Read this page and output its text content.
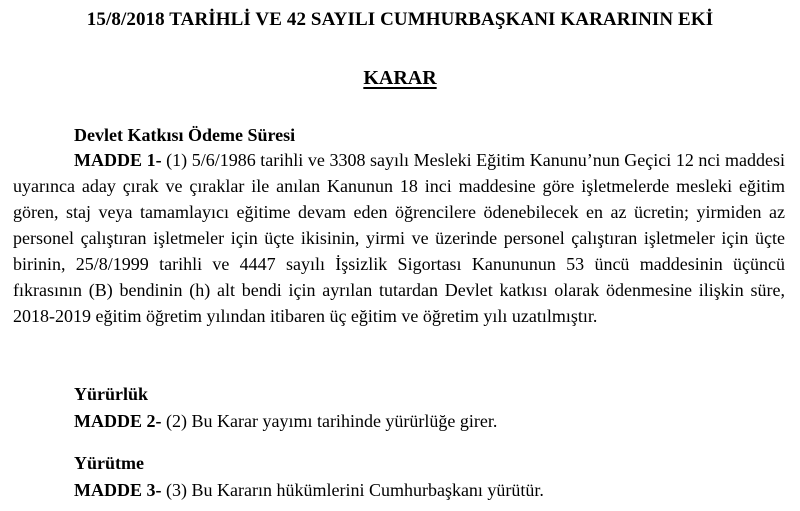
15/8/2018 TARİHLİ VE 42 SAYILI CUMHURBAŞKANI KARARININ EKİ
KARAR
Devlet Katkısı Ödeme Süresi
MADDE 1- (1) 5/6/1986 tarihli ve 3308 sayılı Mesleki Eğitim Kanunu’nun Geçici 12 nci maddesi uyarınca aday çırak ve çıraklar ile anılan Kanunun 18 inci maddesine göre işletmelerde mesleki eğitim gören, staj veya tamamlayıcı eğitime devam eden öğrencilere ödenebilecek en az ücretin; yirmiden az personel çalıştıran işletmeler için üçte ikisinin, yirmi ve üzerinde personel çalıştıran işletmeler için üçte birinin, 25/8/1999 tarihli ve 4447 sayılı İşsizlik Sigortası Kanununun 53 üncü maddesinin üçüncü fıkrasının (B) bendinin (h) alt bendi için ayrılan tutardan Devlet katkısı olarak ödenmesine ilişkin süre, 2018-2019 eğitim öğretim yılından itibaren üç eğitim ve öğretim yılı uzatılmıştır.
Yürürlük
MADDE 2- (2) Bu Karar yayımı tarihinde yürürlüğe girer.
Yürütme
MADDE 3- (3) Bu Kararın hükümlerini Cumhurbaşkanı yürütür.
